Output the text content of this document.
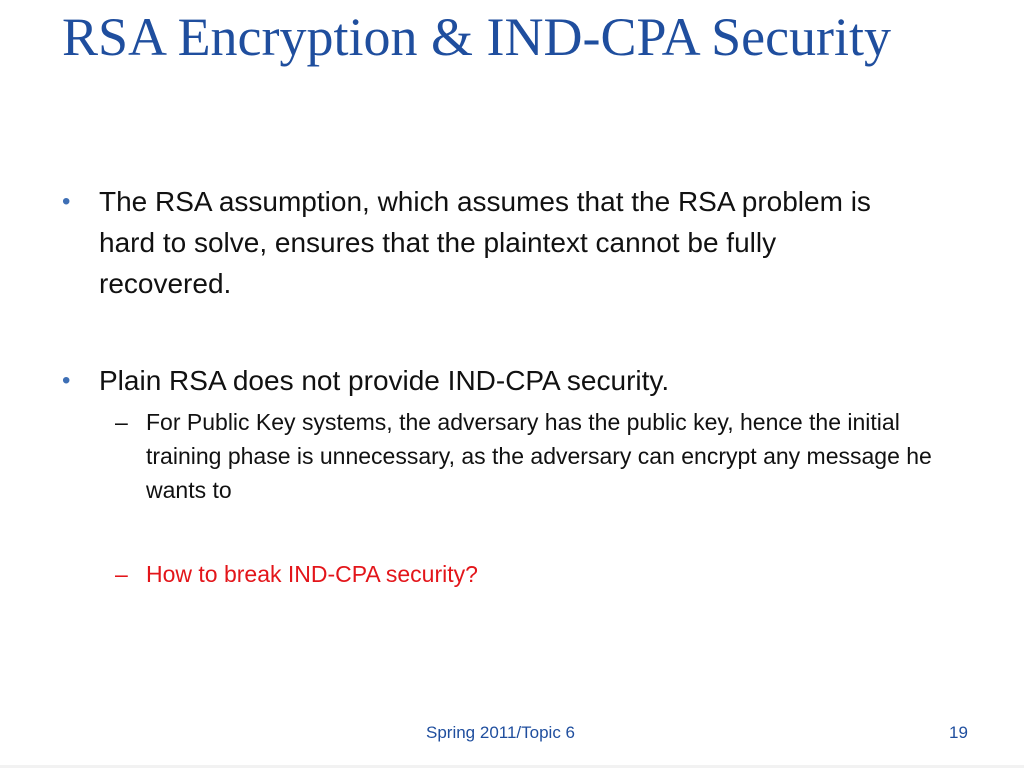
RSA Encryption & IND-CPA Security
• The RSA assumption, which assumes that the RSA problem is hard to solve, ensures that the plaintext cannot be fully recovered.
• Plain RSA does not provide IND-CPA security.
– For Public Key systems, the adversary has the public key, hence the initial training phase is unnecessary, as the adversary can encrypt any message he wants to
– How to break IND-CPA security?
Spring 2011/Topic 6	19
